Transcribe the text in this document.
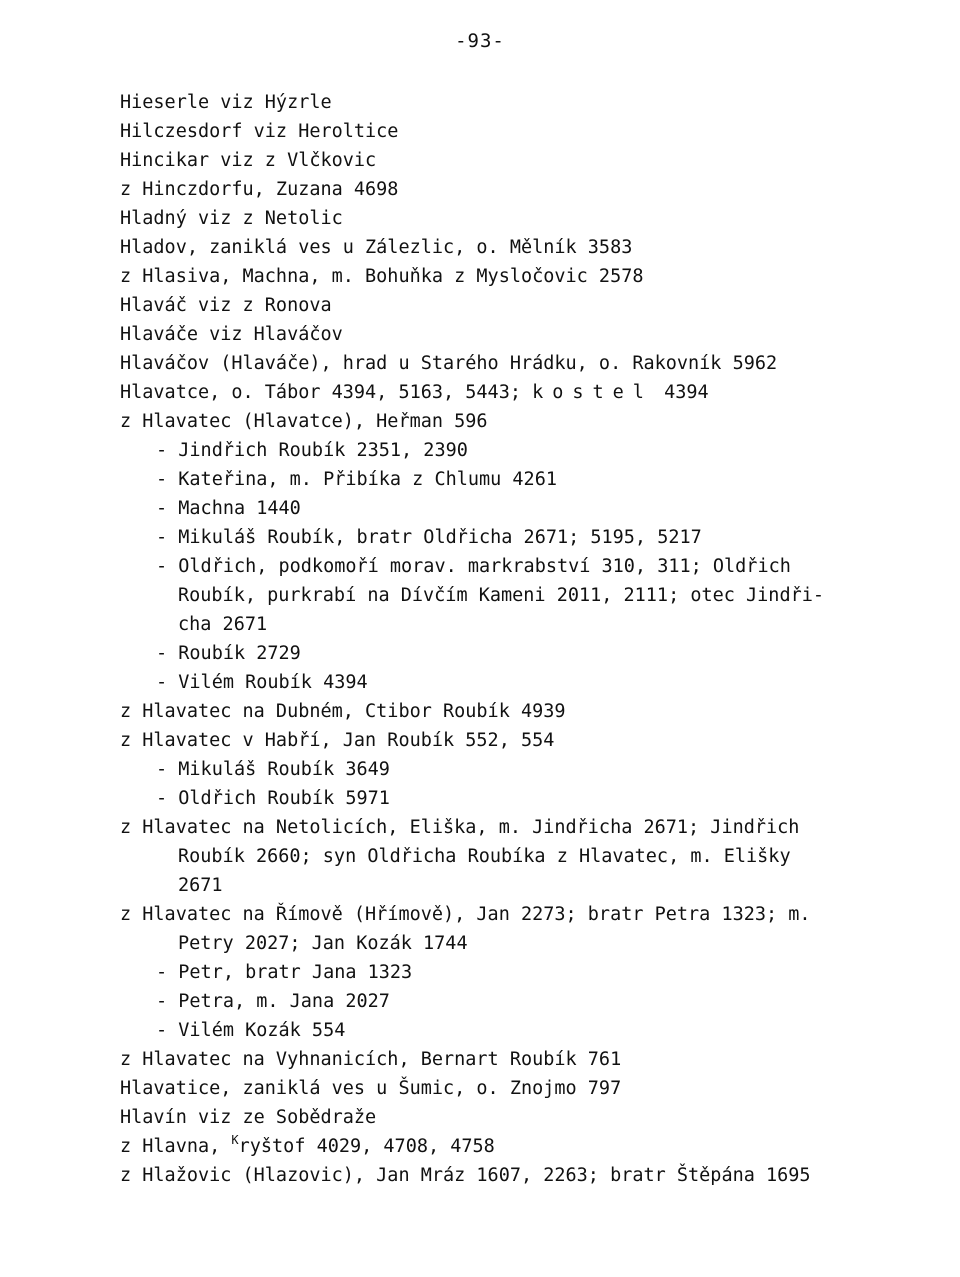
-93-
Hieserle viz Hýzrle
Hilczesdorf viz Heroltice
Hincikar viz z Vlčkovic
z Hinczdorfu, Zuzana 4698
Hladný viz z Netolic
Hladov, zaniklá ves u Zálezlic, o. Mělník 3583
z Hlasiva, Machna, m. Bohuňka z Mysločovic 2578
Hlaváč viz z Ronova
Hlaváče viz Hlaváčov
Hlaváčov (Hlaváče), hrad u Starého Hrádku, o. Rakovník 5962
Hlavatce, o. Tábor 4394, 5163, 5443; kostel 4394
z Hlavatec (Hlavatce), Heřman 596
- Jindřich Roubík 2351, 2390
- Kateřina, m. Přibíka z Chlumu 4261
- Machna 1440
- Mikuláš Roubík, bratr Oldřicha 2671; 5195, 5217
- Oldřich, podkomoří morav. markrabství 310, 311; Oldřich
Roubík, purkrabí na Dívčím Kameni 2011, 2111; otec Jindři-
cha 2671
- Roubík 2729
- Vilém Roubík 4394
z Hlavatec na Dubném, Ctibor Roubík 4939
z Hlavatec v Habří, Jan Roubík 552, 554
- Mikuláš Roubík 3649
- Oldřich Roubík 5971
z Hlavatec na Netolicích, Eliška, m. Jindřicha 2671; Jindřich
Roubík 2660; syn Oldřicha Roubíka z Hlavatec, m. Elišky
2671
z Hlavatec na Římově (Hřímově), Jan 2273; bratr Petra 1323; m.
Petry 2027; Jan Kozák 1744
- Petr, bratr Jana 1323
- Petra, m. Jana 2027
- Vilém Kozák 554
z Hlavatec na Vyhnanicích, Bernart Roubík 761
Hlavatice, zaniklá ves u Šumic, o. Znojmo 797
Hlavín viz ze Sobědraže
z Hlavna, $^K$ryštof 4029, 4708, 4758
z Hlažovic (Hlazovic), Jan Mráz 1607, 2263; bratr Štěpána 1695
